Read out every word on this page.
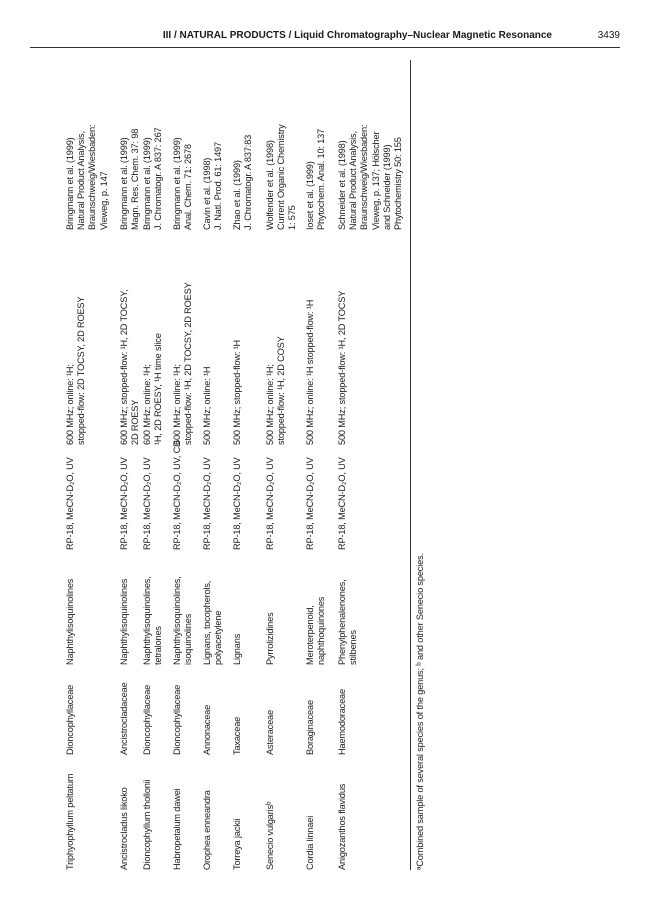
III / NATURAL PRODUCTS / Liquid Chromatography–Nuclear Magnetic Resonance	3439
Anigozanthos flavidus
Haemodoraceae
Phenylphenalenones, stilbenes
RP-18, MeCN-D₂O, UV
500 MHz; stopped-flow: ¹H, 2D TOCSY
Schneider et al. (1998) Natural Product Analysis, Braunschweig/Wiesbaden: Vieweg, p. 137; Hölscher and Schneider (1999) Phytochemistry 50: 155
Cordia linnaei
Boraginaceae
Meroterpenoid, naphthoquinones
RP-18, MeCN-D₂O, UV
500 MHz; online: ¹H stopped-flow: ¹H
Ioset et al. (1999) Phytochem. Anal. 10: 137
Senecio vulgarisᵇ
Asteraceae
Pyrrolizidines
RP-18, MeCN-D₂O, UV
500 MHz; online: ¹H; stopped-flow: ¹H, 2D COSY
Wolfender et al. (1998) Current Organic Chemistry 1: 575
Torreya jackii
Taxaceae
Lignans
RP-18, MeCN-D₂O, UV
500 MHz; stopped-flow: ¹H
Zhao et al. (1999) J. Chromatogr. A 837:83
Orophea enneandra
Annonaceae
Lignans, tocopherols, polyacetylene
RP-18, MeCN-D₂O, UV
500 MHz; online: ¹H
Cavin et al. (1998) J. Natl. Prod. 61: 1497
Habropetalum dawei
Dioncophyllaceae
Naphthylisoquinolines, isoquinolines
RP-18, MeCN-D₂O, UV, CD
600 MHz; online: ¹H; stopped-flow: ¹H, 2D TOCSY, 2D ROESY
Bringmann et al. (1999) Anal. Chem. 71: 2678
Dioncophyllum thollonii
Dioncophyllaceae
Naphthylisoquinolines, tetralones
RP-18, MeCN-D₂O, UV
600 MHz; online: ¹H; ¹H, 2D ROESY, ¹H time slice
Bringmann et al. (1999) J. Chromatogr. A 837: 267
Ancistrocladus likoko
Ancistrocladaceae
Naphthylisoquinolines
RP-18, MeCN-D₂O, UV
600 MHz; stopped-flow: ¹H, 2D TOCSY, 2D ROESY
Bringmann et al. (1999) Magn. Res. Chem. 37: 98
Triphyophyllum peltatum
Dioncophyllaceae
Naphthylisoquinolines
RP-18, MeCN-D₂O, UV
600 MHz; online: ¹H; stopped-flow: 2D TOCSY, 2D ROESY
Bringmann et al. (1999) Natural Product Analysis, Braunschweig/Wiesbaden: Vieweg, p. 147
ᵃCombined sample of several species of the genus; ᵇ and other Senecio species.
